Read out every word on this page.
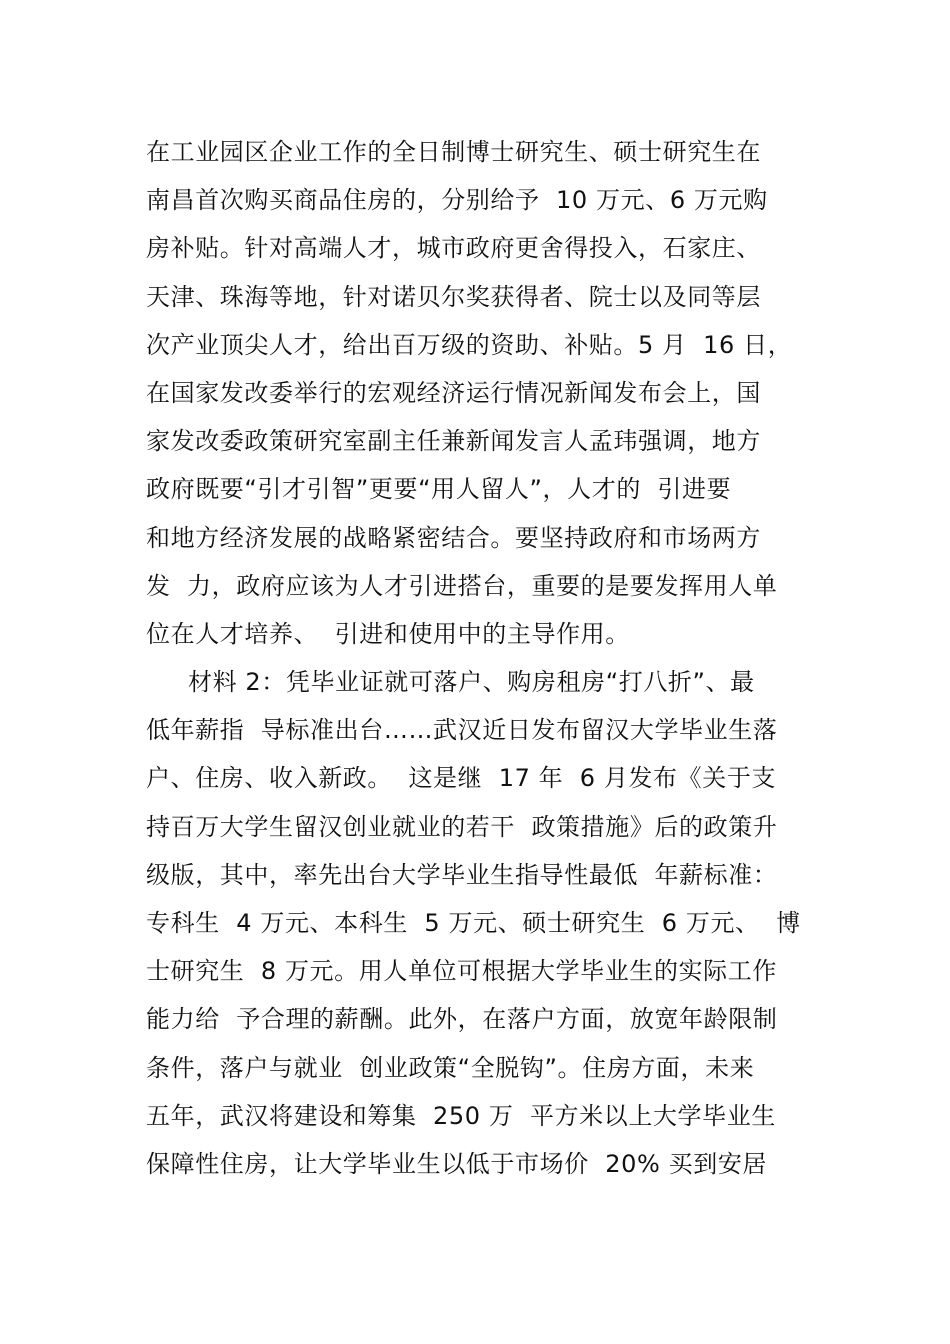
在工业园区企业工作的全日制博士研究生、硕士研究生在
南昌首次购买商品住房的，分别给予  10 万元、6 万元购
房补贴。针对高端人才，城市政府更舍得投入，石家庄、
天津、珠海等地，针对诺贝尔奖获得者、院士以及同等层
次产业顶尖人才，给出百万级的资助、补贴。5 月  16 日，
在国家发改委举行的宏观经济运行情况新闻发布会上，国
家发改委政策研究室副主任兼新闻发言人孟玮强调，地方
政府既要“引才引智”更要“用人留人”，人才的  引进要
和地方经济发展的战略紧密结合。要坚持政府和市场两方
发  力，政府应该为人才引进搭台，重要的是要发挥用人单
位在人才培养、  引进和使用中的主导作用。
材料 2：凭毕业证就可落户、购房租房“打八折”、最
低年薪指  导标准出台……武汉近日发布留汉大学毕业生落
户、住房、收入新政。  这是继  17 年  6 月发布《关于支
持百万大学生留汉创业就业的若干  政策措施》后的政策升
级版，其中，率先出台大学毕业生指导性最低  年薪标准：
专科生  4 万元、本科生  5 万元、硕士研究生  6 万元、  博
士研究生  8 万元。用人单位可根据大学毕业生的实际工作
能力给  予合理的薪酬。此外，在落户方面，放宽年龄限制
条件，落户与就业  创业政策“全脱钩”。住房方面，未来
五年，武汉将建设和筹集  250 万  平方米以上大学毕业生
保障性住房，让大学毕业生以低于市场价  20% 买到安居
